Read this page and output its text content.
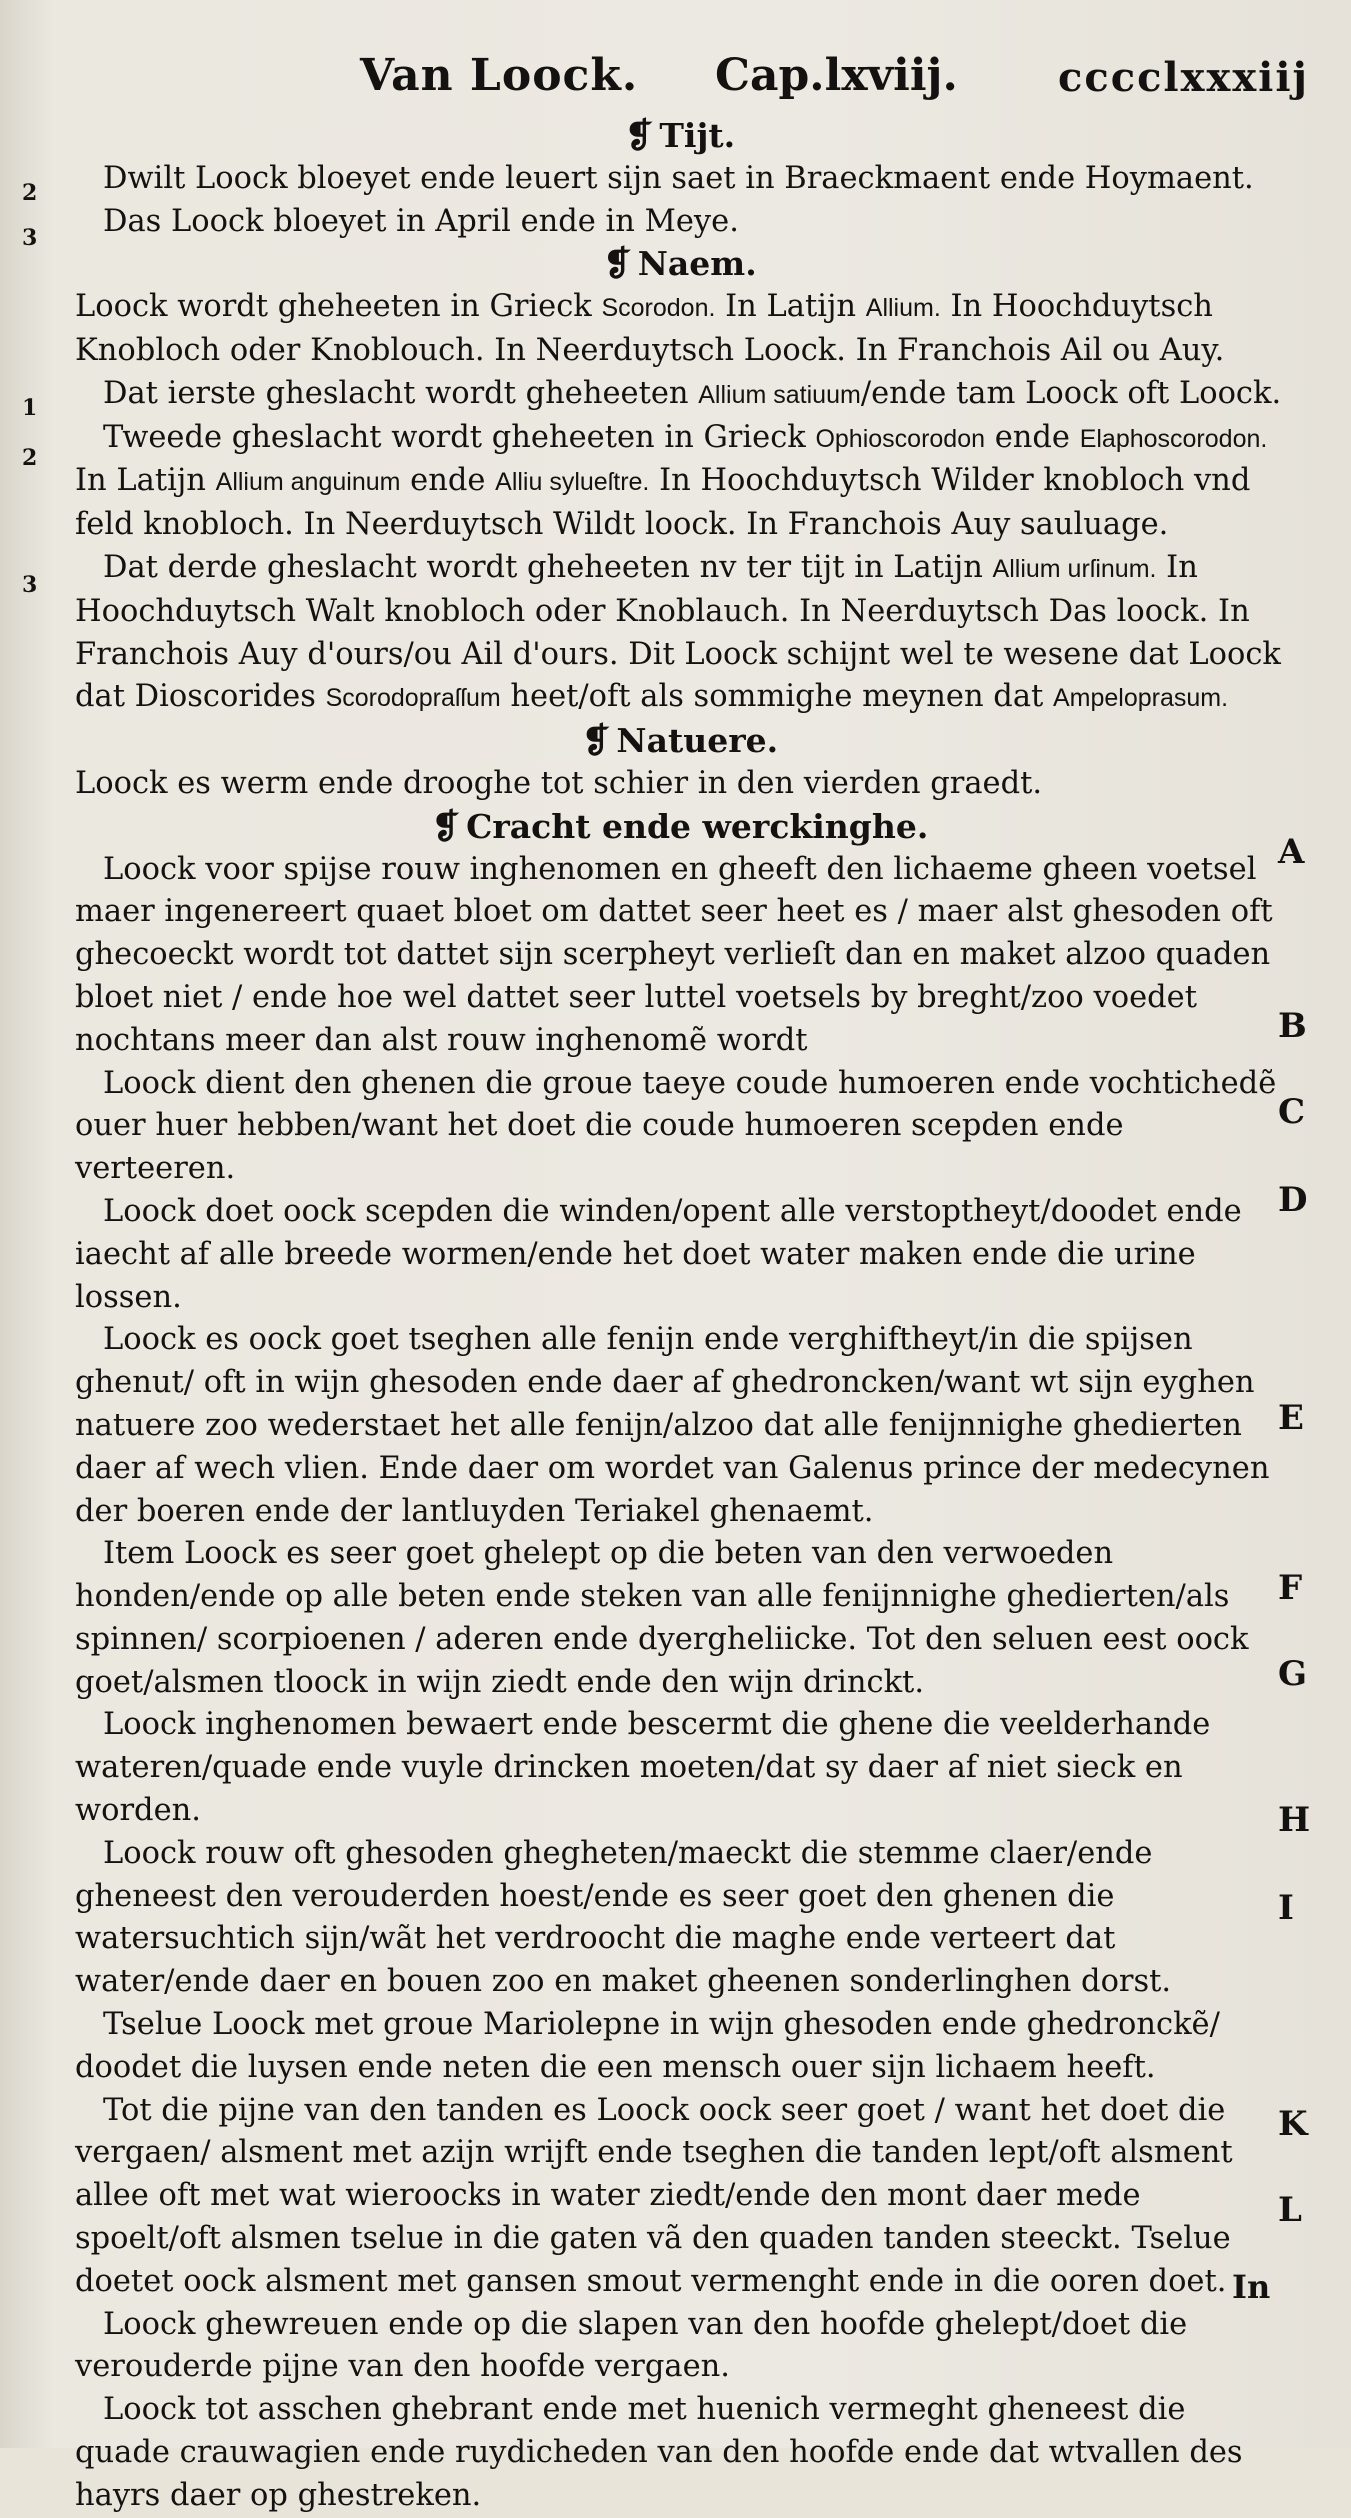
Van Loock. Cap.lxviij.	cccclxxxiij
2
3
1
2
3
A
B
C
D
E
F
G
H
I
K
L

❡ Tijt.

Dwilt Loock bloeyet ende leuert sijn saet in Braeckmaent ende Hoymaent.

Das Loock bloeyet in April ende in Meye.

❡ Naem.

Loock wordt gheheeten in Grieck Scorodon. In Latijn Allium. In Hoochduytsch Knobloch oder Knoblouch. In Neerduytsch Loock. In Franchois Ail ou Auy.

Dat ierste gheslacht wordt gheheeten Allium satiuum/ende tam Loock oft Loock.

Tweede gheslacht wordt gheheeten in Grieck Ophioscorodon ende Elaphoscorodon. In Latijn Allium anguinum ende Alliu sylueſtre. In Hoochduytsch Wilder knobloch vnd feld knobloch. In Neerduytsch Wildt loock. In Franchois Auy sauluage.

Dat derde gheslacht wordt gheheeten nv ter tijt in Latijn Allium urſinum. In Hoochduytsch Walt knobloch oder Knoblauch. In Neerduytsch Das loock. In Franchois Auy d'ours/ou Ail d'ours. Dit Loock schijnt wel te wesene dat Loock dat Dioscorides Scorodopraſſum heet/oft als sommighe meynen dat Ampeloprasum.

❡ Natuere.

Loock es werm ende drooghe tot schier in den vierden graedt.

❡ Cracht ende werckinghe.

Loock voor spijse rouw inghenomen en gheeft den lichaeme gheen voetsel maer ingenereert quaet bloet om dattet seer heet es / maer alst ghesoden oft ghecoeckt wordt tot dattet sijn scerpheyt verlieſt dan en maket alzoo quaden bloet niet / ende hoe wel dattet seer luttel voetsels by breght/zoo voedet nochtans meer dan alst rouw inghenomẽ wordt

Loock dient den ghenen die groue taeye coude humoeren ende vochtichedẽ ouer huer hebben/want het doet die coude humoeren scepden ende verteeren.

Loock doet oock scepden die winden/opent alle verstoptheyt/doodet ende iaecht af alle breede wormen/ende het doet water maken ende die urine lossen.

Loock es oock goet tseghen alle fenijn ende verghiftheyt/in die spijsen ghenut/ oft in wijn ghesoden ende daer af ghedroncken/want wt sijn eyghen natuere zoo wederstaet het alle fenijn/alzoo dat alle fenijnnighe ghedierten daer af wech vlien. Ende daer om wordet van Galenus prince der medecynen der boeren ende der lantluyden Teriakel ghenaemt.

Item Loock es seer goet ghelept op die beten van den verwoeden honden/ende op alle beten ende steken van alle fenijnnighe ghedierten/als spinnen/ scorpioenen / aderen ende dyergheliicke. Tot den seluen eest oock goet/alsmen tloock in wijn ziedt ende den wijn drinckt.

Loock inghenomen bewaert ende bescermt die ghene die veelderhande wateren/quade ende vuyle drincken moeten/dat sy daer af niet sieck en worden.

Loock rouw oft ghesoden ghegheten/maeckt die stemme claer/ende gheneest den verouderden hoest/ende es seer goet den ghenen die watersuchtich sijn/wãt het verdroocht die maghe ende verteert dat water/ende daer en bouen zoo en maket gheenen sonderlinghen dorst.

Tselue Loock met groue Mariolepne in wijn ghesoden ende ghedronckẽ/ doodet die luysen ende neten die een mensch ouer sijn lichaem heeft.

Tot die pijne van den tanden es Loock oock seer goet / want het doet die vergaen/ alsment met azijn wrijft ende tseghen die tanden lept/oft alsment allee oft met wat wieroocks in water ziedt/ende den mont daer mede spoelt/oft alsmen tselue in die gaten vã den quaden tanden steeckt. Tselue doetet oock alsment met gansen smout vermenght ende in die ooren doet.

Loock ghewreuen ende op die slapen van den hoofde ghelept/doet die verouderde pijne van den hoofde vergaen.

Loock tot asschen ghebrant ende met huenich vermeght gheneest die quade crauwagien ende ruydicheden van den hoofde ende dat wtvallen des hayrs daer op ghestreken.

In
